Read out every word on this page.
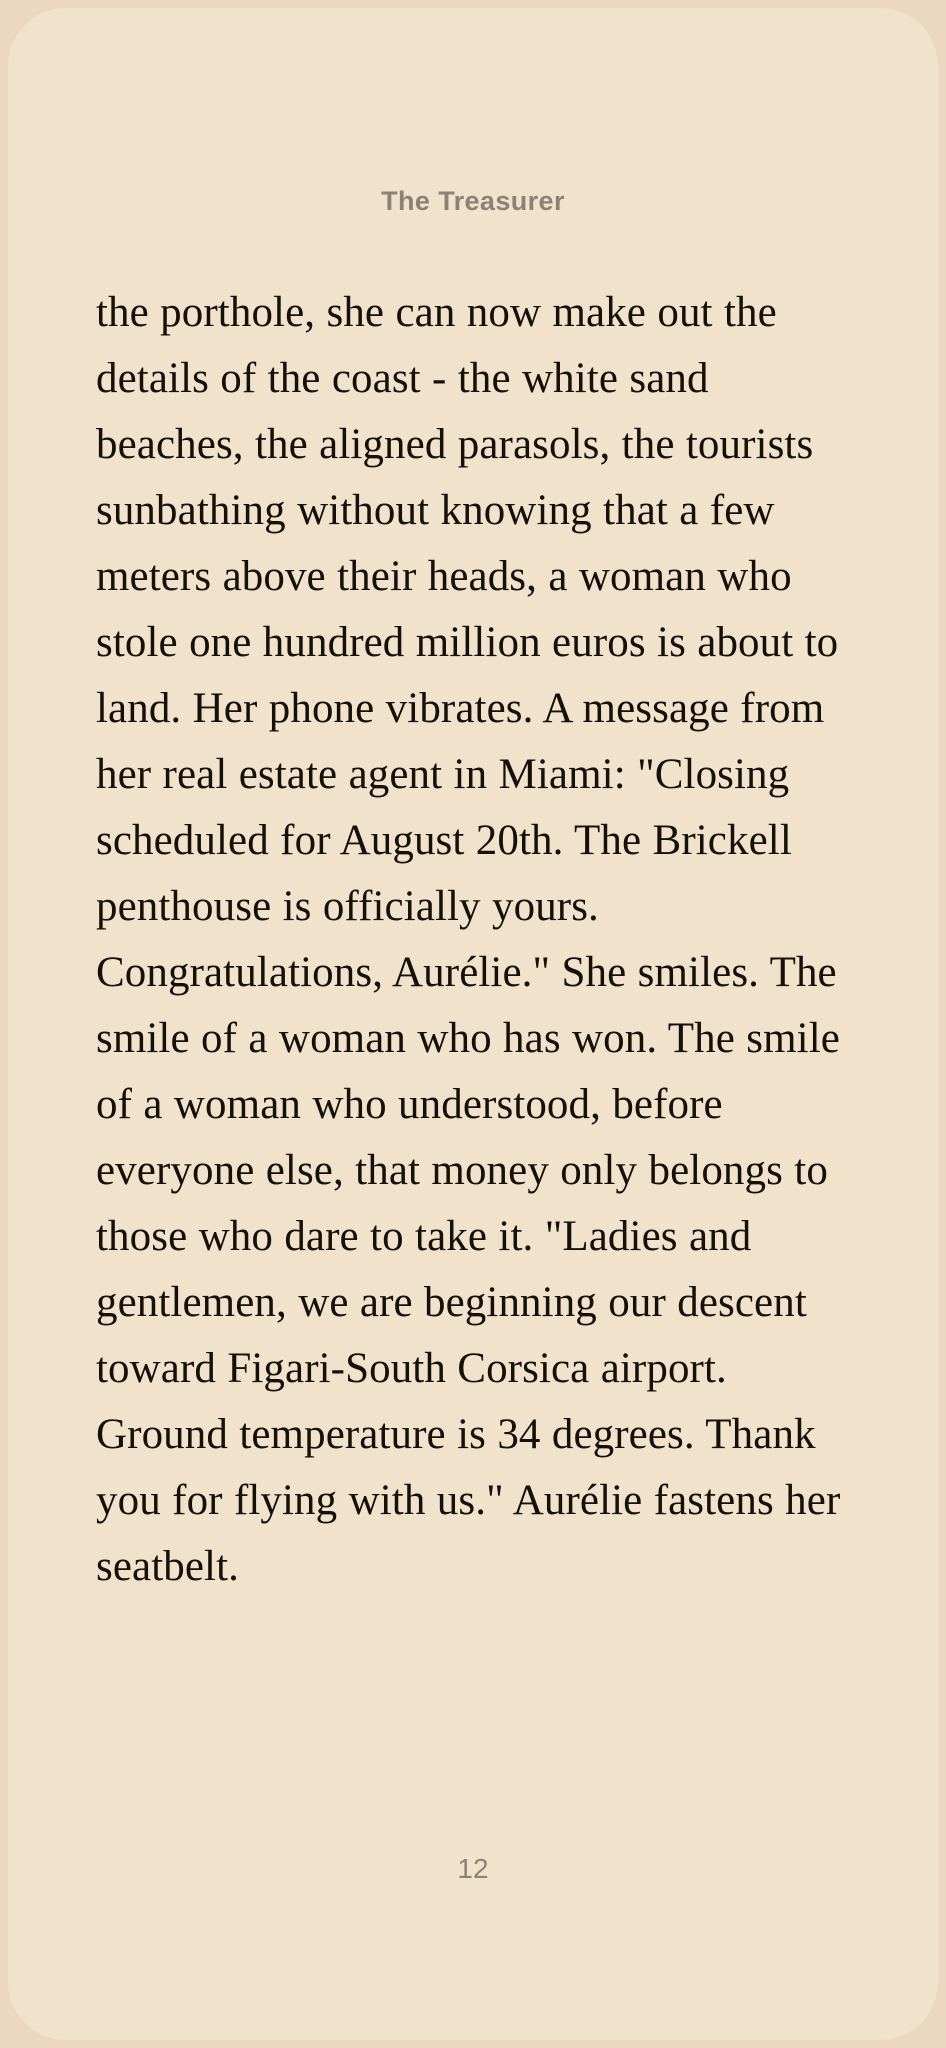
The Treasurer
the porthole, she can now make out the details of the coast - the white sand beaches, the aligned parasols, the tourists sunbathing without knowing that a few meters above their heads, a woman who stole one hundred million euros is about to land. Her phone vibrates. A message from her real estate agent in Miami: "Closing scheduled for August 20th. The Brickell penthouse is officially yours. Congratulations, Aurélie." She smiles. The smile of a woman who has won. The smile of a woman who understood, before everyone else, that money only belongs to those who dare to take it. "Ladies and gentlemen, we are beginning our descent toward Figari-South Corsica airport. Ground temperature is 34 degrees. Thank you for flying with us." Aurélie fastens her seatbelt.
12
